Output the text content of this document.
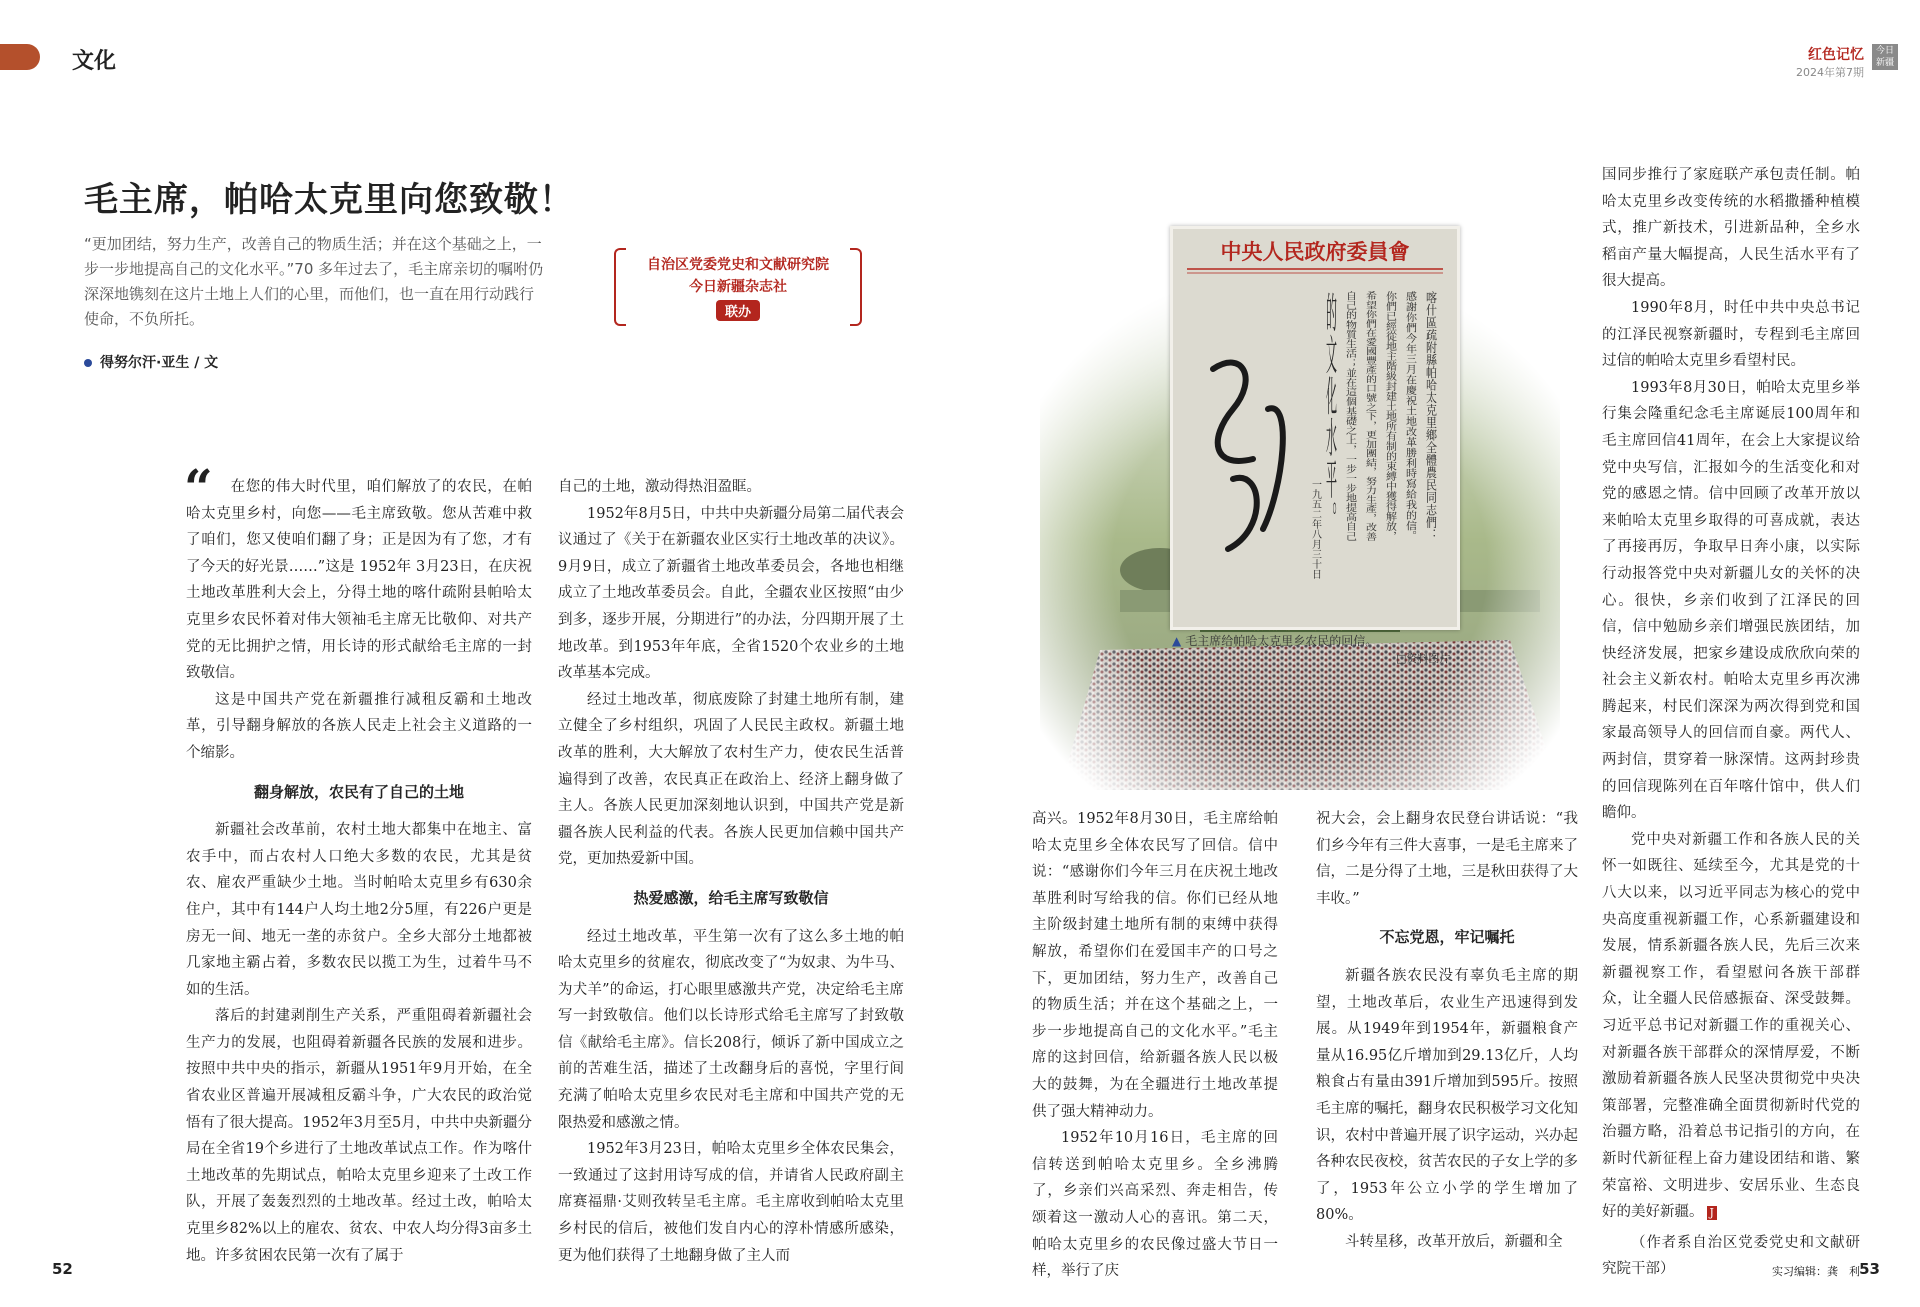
文化	红色记忆
2024年第7期
今日新疆
毛主席，帕哈太克里向您致敬！
“更加团结，努力生产，改善自己的物质生活；并在这个基础之上，一步一步地提高自己的文化水平。”70 多年过去了，毛主席亲切的嘱咐仍深深地镌刻在这片土地上人们的心里，而他们，也一直在用行动践行使命，不负所托。
得努尔汗·亚生 / 文
自治区党委党史和文献研究院
今日新疆杂志社
联办
“	在您的伟大时代里，咱们解放了的农民，在帕哈太克里乡村，向您——毛主席致敬。您从苦难中救了咱们，您又使咱们翻了身；正是因为有了您，才有了今天的好光景……”这是 1952年 3月23日，在庆祝土地改革胜利大会上，分得土地的喀什疏附县帕哈太克里乡农民怀着对伟大领袖毛主席无比敬仰、对共产党的无比拥护之情，用长诗的形式献给毛主席的一封致敬信。

这是中国共产党在新疆推行减租反霸和土地改革，引导翻身解放的各族人民走上社会主义道路的一个缩影。

翻身解放，农民有了自己的土地

新疆社会改革前，农村土地大都集中在地主、富农手中，而占农村人口绝大多数的农民，尤其是贫农、雇农严重缺少土地。当时帕哈太克里乡有630余住户，其中有144户人均土地2分5厘，有226户更是房无一间、地无一垄的赤贫户。全乡大部分土地都被几家地主霸占着，多数农民以揽工为生，过着牛马不如的生活。

落后的封建剥削生产关系，严重阻碍着新疆社会生产力的发展，也阻碍着新疆各民族的发展和进步。按照中共中央的指示，新疆从1951年9月开始，在全省农业区普遍开展减租反霸斗争，广大农民的政治觉悟有了很大提高。1952年3月至5月，中共中央新疆分局在全省19个乡进行了土地改革试点工作。作为喀什土地改革的先期试点，帕哈太克里乡迎来了土改工作队，开展了轰轰烈烈的土地改革。经过土改，帕哈太克里乡82%以上的雇农、贫农、中农人均分得3亩多土地。许多贫困农民第一次有了属于

自己的土地，激动得热泪盈眶。

1952年8月5日，中共中央新疆分局第二届代表会议通过了《关于在新疆农业区实行土地改革的决议》。9月9日，成立了新疆省土地改革委员会，各地也相继成立了土地改革委员会。自此，全疆农业区按照“由少到多，逐步开展，分期进行”的办法，分四期开展了土地改革。到1953年年底，全省1520个农业乡的土地改革基本完成。

经过土地改革，彻底废除了封建土地所有制，建立健全了乡村组织，巩固了人民民主政权。新疆土地改革的胜利，大大解放了农村生产力，使农民生活普遍得到了改善，农民真正在政治上、经济上翻身做了主人。各族人民更加深刻地认识到，中国共产党是新疆各族人民利益的代表。各族人民更加信赖中国共产党，更加热爱新中国。

热爱感激，给毛主席写致敬信

经过土地改革，平生第一次有了这么多土地的帕哈太克里乡的贫雇农，彻底改变了“为奴隶、为牛马、为犬羊”的命运，打心眼里感激共产党，决定给毛主席写一封致敬信。他们以长诗形式给毛主席写了封致敬信《献给毛主席》。信长208行，倾诉了新中国成立之前的苦难生活，描述了土改翻身后的喜悦，字里行间充满了帕哈太克里乡农民对毛主席和中国共产党的无限热爱和感激之情。

1952年3月23日，帕哈太克里乡全体农民集会，一致通过了这封用诗写成的信，并请省人民政府副主席赛福鼎·艾则孜转呈毛主席。毛主席收到帕哈太克里乡村民的信后，被他们发自内心的淳朴情感所感染，更为他们获得了土地翻身做了主人而

中央人民政府委員會
喀什區疏附縣帕哈太克里鄉全體農民同志們：
感謝你們今年三月在慶祝土地改革勝利時寫給我的信。
你們已經從地主階級封建土地所有制的束縛中獲得解放，
希望你們在愛國豐產的口號之下，更加團結，努力生產，改善
自己的物質生活；並在這個基礎之上，一步一步地提高自己
的文化水平。
一九五二年八月三十日
▲ 毛主席给帕哈太克里乡农民的回信。
□资料图片

高兴。1952年8月30日，毛主席给帕哈太克里乡全体农民写了回信。信中说：“感谢你们今年三月在庆祝土地改革胜利时写给我的信。你们已经从地主阶级封建土地所有制的束缚中获得解放，希望你们在爱国丰产的口号之下，更加团结，努力生产，改善自己的物质生活；并在这个基础之上，一步一步地提高自己的文化水平。”毛主席的这封回信，给新疆各族人民以极大的鼓舞，为在全疆进行土地改革提供了强大精神动力。

1952年10月16日，毛主席的回信转送到帕哈太克里乡。全乡沸腾了，乡亲们兴高采烈、奔走相告，传颂着这一激动人心的喜讯。第二天，帕哈太克里乡的农民像过盛大节日一样，举行了庆

祝大会，会上翻身农民登台讲话说：“我们乡今年有三件大喜事，一是毛主席来了信，二是分得了土地，三是秋田获得了大丰收。”

不忘党恩，牢记嘱托

新疆各族农民没有辜负毛主席的期望，土地改革后，农业生产迅速得到发展。从1949年到1954年，新疆粮食产量从16.95亿斤增加到29.13亿斤，人均粮食占有量由391斤增加到595斤。按照毛主席的嘱托，翻身农民积极学习文化知识，农村中普遍开展了识字运动，兴办起各种农民夜校，贫苦农民的子女上学的多了，1953年公立小学的学生增加了80%。

斗转星移，改革开放后，新疆和全

国同步推行了家庭联产承包责任制。帕哈太克里乡改变传统的水稻撒播种植模式，推广新技术，引进新品种，全乡水稻亩产量大幅提高，人民生活水平有了很大提高。

1990年8月，时任中共中央总书记的江泽民视察新疆时，专程到毛主席回过信的帕哈太克里乡看望村民。

1993年8月30日，帕哈太克里乡举行集会隆重纪念毛主席诞辰100周年和毛主席回信41周年，在会上大家提议给党中央写信，汇报如今的生活变化和对党的感恩之情。信中回顾了改革开放以来帕哈太克里乡取得的可喜成就，表达了再接再厉，争取早日奔小康，以实际行动报答党中央对新疆儿女的关怀的决心。很快，乡亲们收到了江泽民的回信，信中勉励乡亲们增强民族团结，加快经济发展，把家乡建设成欣欣向荣的社会主义新农村。帕哈太克里乡再次沸腾起来，村民们深深为两次得到党和国家最高领导人的回信而自豪。两代人、两封信，贯穿着一脉深情。这两封珍贵的回信现陈列在百年喀什馆中，供人们瞻仰。

党中央对新疆工作和各族人民的关怀一如既往、延续至今，尤其是党的十八大以来，以习近平同志为核心的党中央高度重视新疆工作，心系新疆建设和发展，情系新疆各族人民，先后三次来新疆视察工作，看望慰问各族干部群众，让全疆人民倍感振奋、深受鼓舞。习近平总书记对新疆工作的重视关心、对新疆各族干部群众的深情厚爱，不断激励着新疆各族人民坚决贯彻党中央决策部署，完整准确全面贯彻新时代党的治疆方略，沿着总书记指引的方向，在新时代新征程上奋力建设团结和谐、繁荣富裕、文明进步、安居乐业、生态良好的美好新疆。 J

（作者系自治区党委党史和文献研究院干部）	实习编辑：龚　利
52	53
